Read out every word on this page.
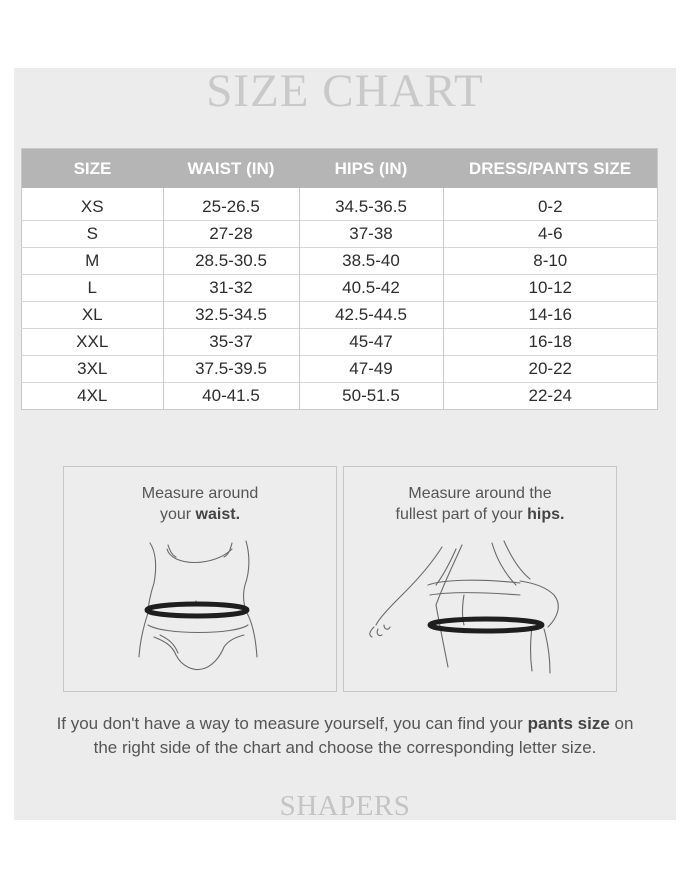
SIZE CHART
SIZE	WAIST (IN)	HIPS (IN)	DRESS/PANTS SIZE
XS	25-26.5	34.5-36.5	0-2
S	27-28	37-38	4-6
M	28.5-30.5	38.5-40	8-10
L	31-32	40.5-42	10-12
XL	32.5-34.5	42.5-44.5	14-16
XXL	35-37	45-47	16-18
3XL	37.5-39.5	47-49	20-22
4XL	40-41.5	50-51.5	22-24
Measure around
your waist.
Measure around the
fullest part of your hips.
If you don't have a way to measure yourself, you can find your pants size on
the right side of the chart and choose the corresponding letter size.
SHAPERS
